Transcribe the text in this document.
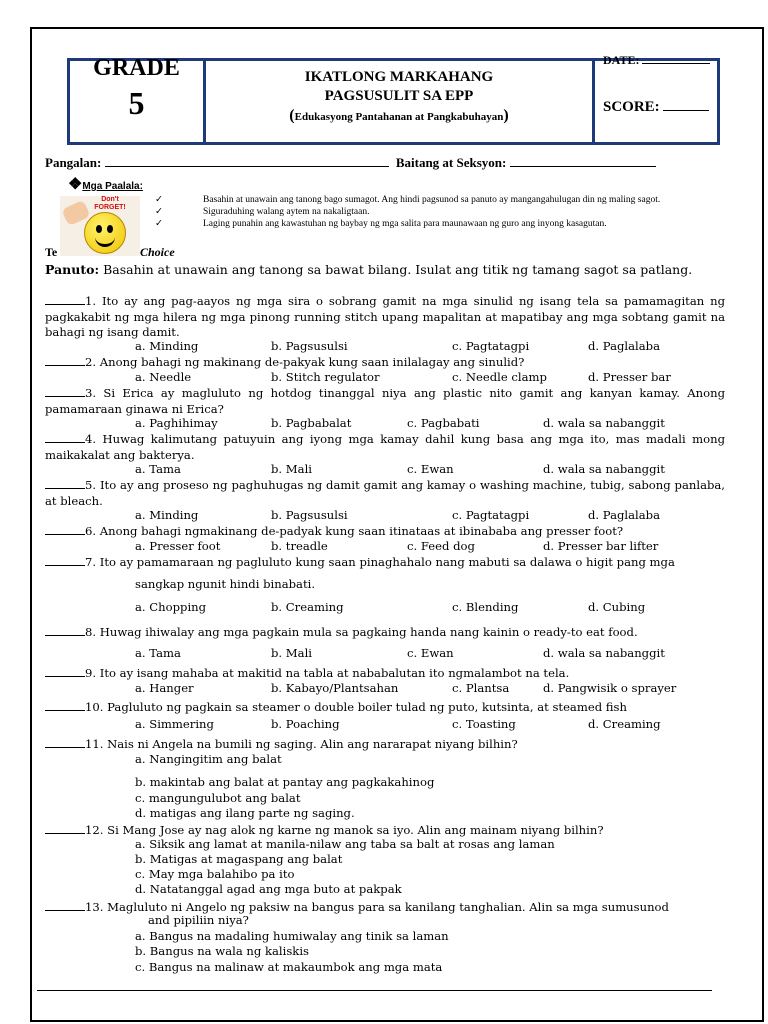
GRADE
5
IKATLONG MARKAHANG
PAGSUSULIT SA EPP
(Edukasyong Pantahanan at Pangkabuhayan)
DATE:
SCORE:
Pangalan:	Baitang at Seksyon:
❖Mga Paalala:
Don't FORGET!
✓	Basahin at unawain ang tanong bago sumagot. Ang hindi pagsunod sa panuto ay mangangahulugan din ng maling sagot.
✓	Siguraduhing walang aytem na nakaligtaan.
✓	Laging punahin ang kawastuhan ng baybay ng mga salita para maunawaan ng guro ang inyong kasagutan.
Te	Choice
Panuto: Basahin at unawain ang tanong sa bawat bilang. Isulat ang titik ng tamang sagot sa patlang.
1. Ito ay ang pag-aayos ng mga sira o sobrang gamit na mga sinulid ng isang tela sa pamamagitan ng pagkakabit ng mga hilera ng mga pinong running stitch upang mapalitan at mapatibay ang mga sobtang gamit na bahagi ng isang damit.
a. Minding	b. Pagsusulsi	c. Pagtatagpi	d. Paglalaba
2. Anong bahagi ng makinang de-pakyak kung saan inilalagay ang sinulid?
a. Needle	b. Stitch regulator	c. Needle clamp	d. Presser bar
3. Si Erica ay magluluto ng hotdog tinanggal niya ang plastic nito gamit ang kanyan kamay. Anong pamamaraan ginawa ni Erica?
a. Paghihimay	b. Pagbabalat	c. Pagbabati	d. wala sa nabanggit
4. Huwag kalimutang patuyuin ang iyong mga kamay dahil kung basa ang mga ito, mas madali mong maikakalat ang bakterya.
a. Tama	b. Mali	c. Ewan	d. wala sa nabanggit
5. Ito ay ang proseso ng paghuhugas ng damit gamit ang kamay o washing machine, tubig, sabong panlaba, at bleach.
a. Minding	b. Pagsusulsi	c. Pagtatagpi	d. Paglalaba
6. Anong bahagi ngmakinang de-padyak kung saan itinataas at ibinababa ang presser foot?
a. Presser foot	b. treadle	c. Feed dog	d. Presser bar lifter
7. Ito ay pamamaraan ng pagluluto kung saan pinaghahalo nang mabuti sa dalawa o higit pang mga
sangkap ngunit hindi binabati.
a. Chopping	b. Creaming	c. Blending	d. Cubing
8. Huwag ihiwalay ang mga pagkain mula sa pagkaing handa nang kainin o ready-to eat food.
a. Tama	b. Mali	c. Ewan	d. wala sa nabanggit
9. Ito ay isang mahaba at makitid na tabla at nababalutan ito ngmalambot na tela.
a. Hanger	b. Kabayo/Plantsahan	c. Plantsa	d. Pangwisik o sprayer
10. Pagluluto ng pagkain sa steamer o double boiler tulad ng puto, kutsinta, at steamed fish
a. Simmering	b. Poaching	c. Toasting	d. Creaming
11. Nais ni Angela na bumili ng saging. Alin ang nararapat niyang bilhin?
a. Nangingitim ang balat
b. makintab ang balat at pantay ang pagkakahinog
c. mangungulubot ang balat
d. matigas ang ilang parte ng saging.
12. Si Mang Jose ay nag alok ng karne ng manok sa iyo. Alin ang mainam niyang bilhin?
a. Siksik ang lamat at manila-nilaw ang taba sa balt at rosas ang laman
b. Matigas at magaspang ang balat
c. May mga balahibo pa ito
d. Natatanggal agad ang mga buto at pakpak
13. Magluluto ni Angelo ng paksiw na bangus para sa kanilang tanghalian. Alin sa mga sumusunod
and pipiliin niya?
a. Bangus na madaling humiwalay ang tinik sa laman
b. Bangus na wala ng kaliskis
c. Bangus na malinaw at makaumbok ang mga mata
